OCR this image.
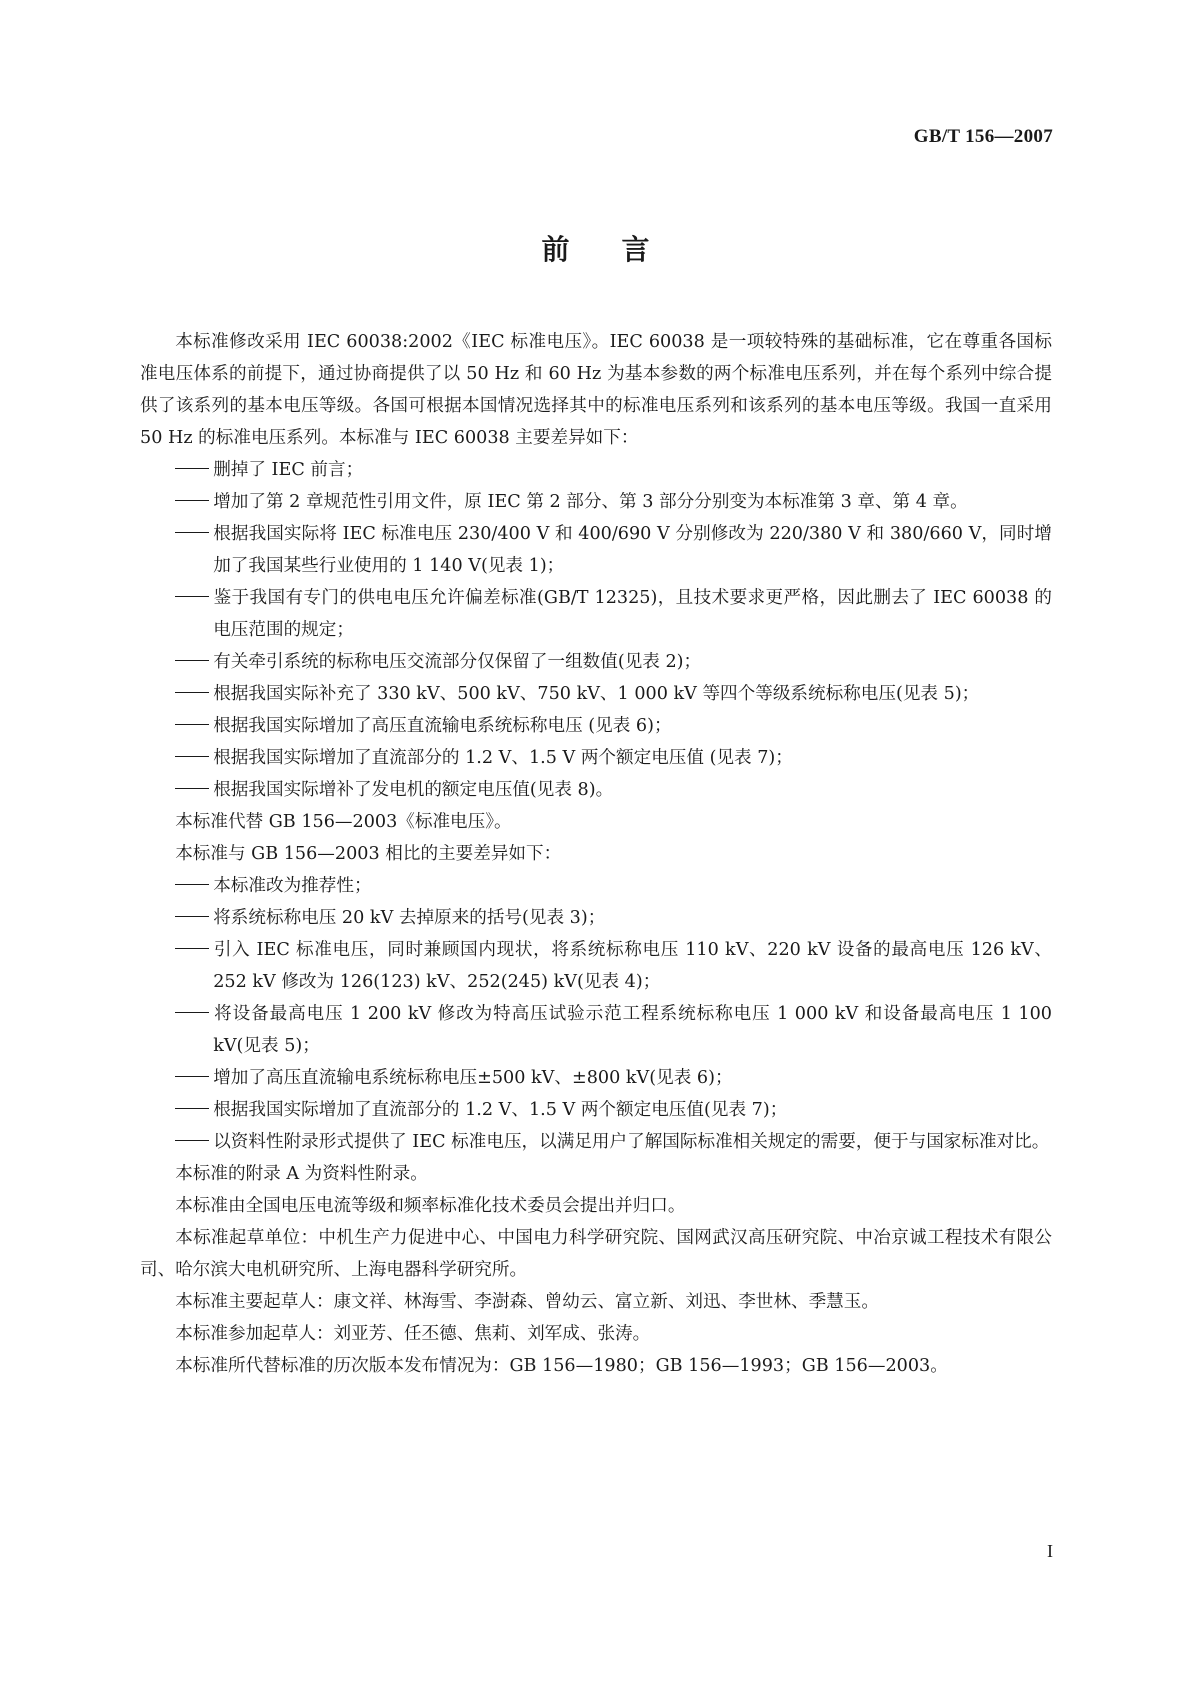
GB/T 156—2007
前言

本标准修改采用 IEC 60038:2002《IEC 标准电压》。IEC 60038 是一项较特殊的基础标准，它在尊重各国标准电压体系的前提下，通过协商提供了以 50 Hz 和 60 Hz 为基本参数的两个标准电压系列，并在每个系列中综合提供了该系列的基本电压等级。各国可根据本国情况选择其中的标准电压系列和该系列的基本电压等级。我国一直采用 50 Hz 的标准电压系列。本标准与 IEC 60038 主要差异如下：

删掉了 IEC 前言；
增加了第 2 章规范性引用文件，原 IEC 第 2 部分、第 3 部分分别变为本标准第 3 章、第 4 章。
根据我国实际将 IEC 标准电压 230/400 V 和 400/690 V 分别修改为 220/380 V 和 380/660 V，同时增加了我国某些行业使用的 1 140 V(见表 1)；
鉴于我国有专门的供电电压允许偏差标准(GB/T 12325)，且技术要求更严格，因此删去了 IEC 60038 的电压范围的规定；
有关牵引系统的标称电压交流部分仅保留了一组数值(见表 2)；
根据我国实际补充了 330 kV、500 kV、750 kV、1 000 kV 等四个等级系统标称电压(见表 5)；
根据我国实际增加了高压直流输电系统标称电压 (见表 6)；
根据我国实际增加了直流部分的 1.2 V、1.5 V 两个额定电压值 (见表 7)；
根据我国实际增补了发电机的额定电压值(见表 8)。

本标准代替 GB 156—2003《标准电压》。

本标准与 GB 156—2003 相比的主要差异如下：

本标准改为推荐性；
将系统标称电压 20 kV 去掉原来的括号(见表 3)；
引入 IEC 标准电压，同时兼顾国内现状，将系统标称电压 110 kV、220 kV 设备的最高电压 126 kV、252 kV 修改为 126(123) kV、252(245) kV(见表 4)；
将设备最高电压 1 200 kV 修改为特高压试验示范工程系统标称电压 1 000 kV 和设备最高电压 1 100 kV(见表 5)；
增加了高压直流输电系统标称电压±500 kV、±800 kV(见表 6)；
根据我国实际增加了直流部分的 1.2 V、1.5 V 两个额定电压值(见表 7)；
以资料性附录形式提供了 IEC 标准电压，以满足用户了解国际标准相关规定的需要，便于与国家标准对比。

本标准的附录 A 为资料性附录。

本标准由全国电压电流等级和频率标准化技术委员会提出并归口。

本标准起草单位：中机生产力促进中心、中国电力科学研究院、国网武汉高压研究院、中冶京诚工程技术有限公司、哈尔滨大电机研究所、上海电器科学研究所。

本标准主要起草人：康文祥、林海雪、李澍森、曾幼云、富立新、刘迅、李世林、季慧玉。

本标准参加起草人：刘亚芳、任丕德、焦莉、刘军成、张涛。

本标准所代替标准的历次版本发布情况为：GB 156—1980；GB 156—1993；GB 156—2003。

I
